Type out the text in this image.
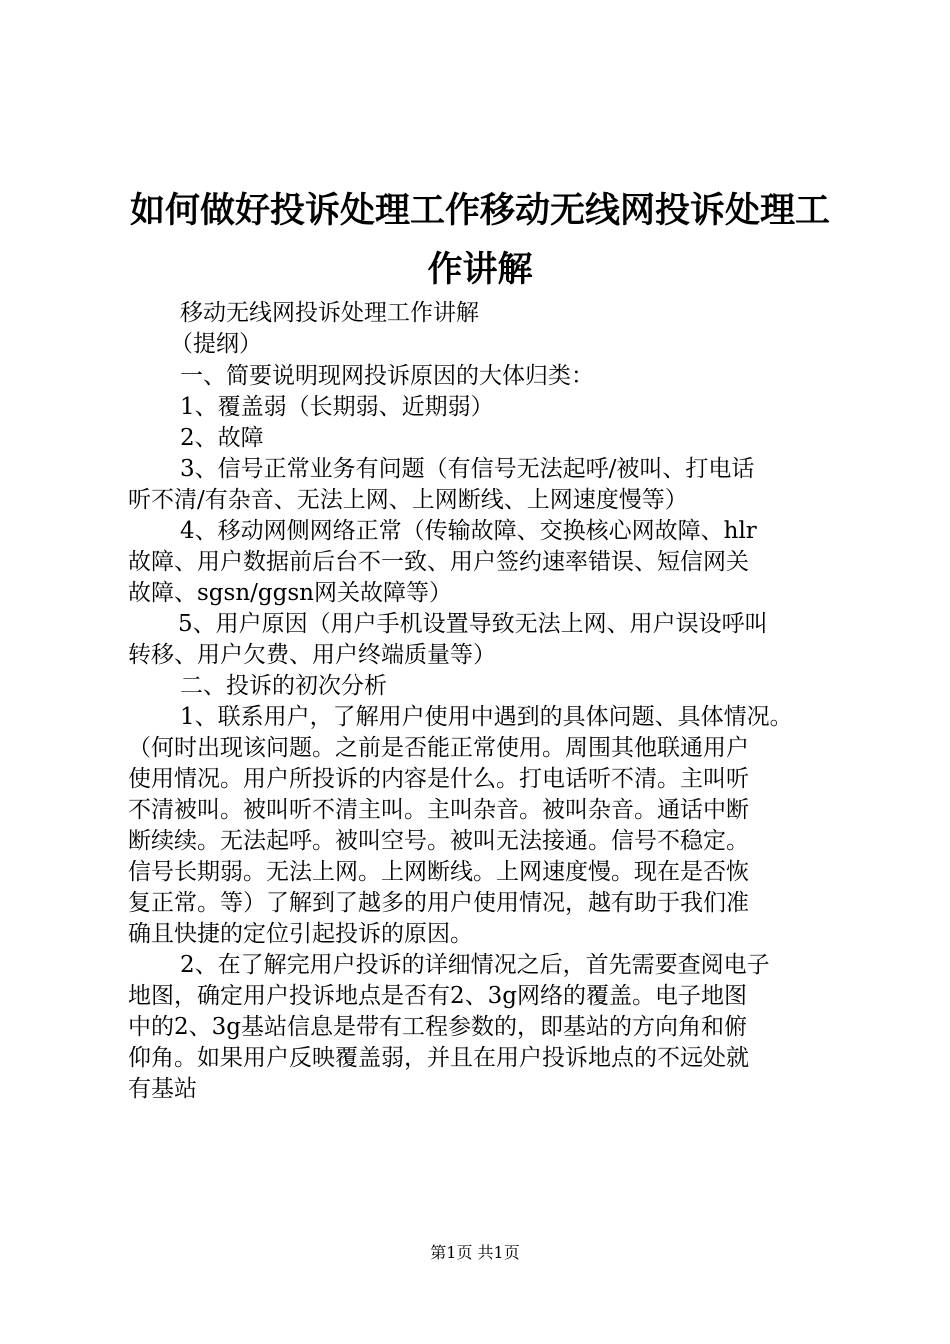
如何做好投诉处理工作移动无线网投诉处理工
作讲解

移动无线网投诉处理工作讲解

（提纲）

一、简要说明现网投诉原因的大体归类：

1、覆盖弱（长期弱、近期弱）

2、故障

3、信号正常业务有问题（有信号无法起呼/被叫、打电话

听不清/有杂音、无法上网、上网断线、上网速度慢等）

4、移动网侧网络正常（传输故障、交换核心网故障、hlr

故障、用户数据前后台不一致、用户签约速率错误、短信网关

故障、sgsn/ggsn网关故障等）

5、用户原因（用户手机设置导致无法上网、用户误设呼叫

转移、用户欠费、用户终端质量等）

二、投诉的初次分析

1、联系用户，了解用户使用中遇到的具体问题、具体情况。

（何时出现该问题。之前是否能正常使用。周围其他联通用户

使用情况。用户所投诉的内容是什么。打电话听不清。主叫听

不清被叫。被叫听不清主叫。主叫杂音。被叫杂音。通话中断

断续续。无法起呼。被叫空号。被叫无法接通。信号不稳定。

信号长期弱。无法上网。上网断线。上网速度慢。现在是否恢

复正常。等）了解到了越多的用户使用情况，越有助于我们准

确且快捷的定位引起投诉的原因。

2、在了解完用户投诉的详细情况之后，首先需要查阅电子

地图，确定用户投诉地点是否有2、3g网络的覆盖。电子地图

中的2、3g基站信息是带有工程参数的，即基站的方向角和俯

仰角。如果用户反映覆盖弱，并且在用户投诉地点的不远处就

有基站

第1页 共1页
